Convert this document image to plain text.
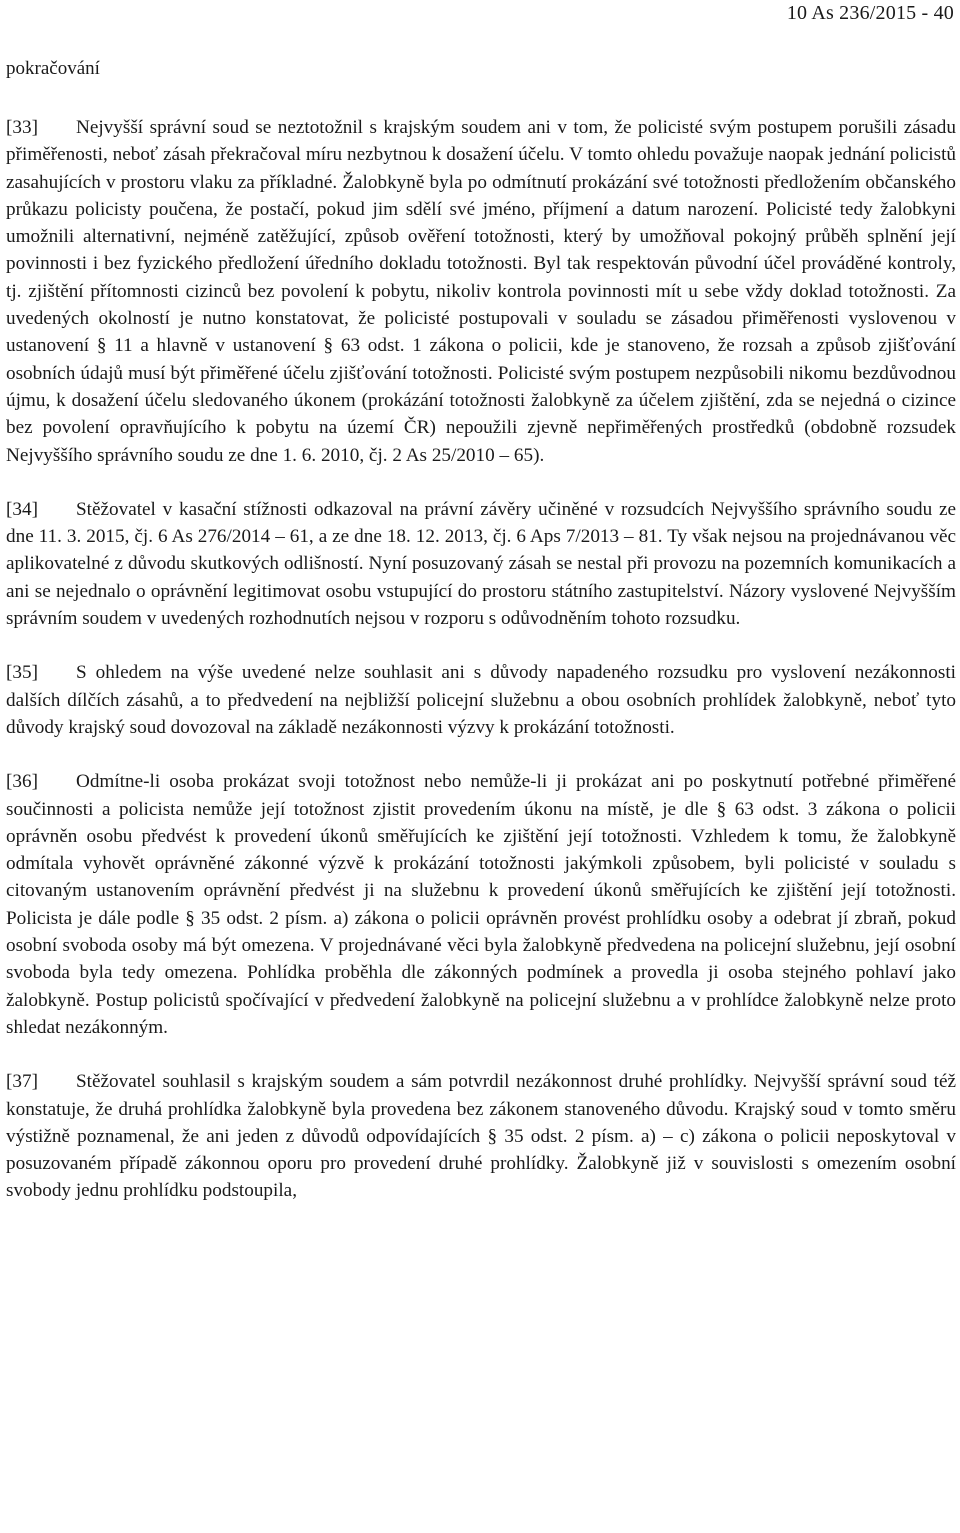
10 As 236/2015 - 40
pokračování

[33] Nejvyšší správní soud se neztotožnil s krajským soudem ani v tom, že policisté svým postupem porušili zásadu přiměřenosti, neboť zásah překračoval míru nezbytnou k dosažení účelu. V tomto ohledu považuje naopak jednání policistů zasahujících v prostoru vlaku za příkladné. Žalobkyně byla po odmítnutí prokázání své totožnosti předložením občanského průkazu policisty poučena, že postačí, pokud jim sdělí své jméno, příjmení a datum narození. Policisté tedy žalobkyni umožnili alternativní, nejméně zatěžující, způsob ověření totožnosti, který by umožňoval pokojný průběh splnění její povinnosti i bez fyzického předložení úředního dokladu totožnosti. Byl tak respektován původní účel prováděné kontroly, tj. zjištění přítomnosti cizinců bez povolení k pobytu, nikoliv kontrola povinnosti mít u sebe vždy doklad totožnosti. Za uvedených okolností je nutno konstatovat, že policisté postupovali v souladu se zásadou přiměřenosti vyslovenou v ustanovení § 11 a hlavně v ustanovení § 63 odst. 1 zákona o policii, kde je stanoveno, že rozsah a způsob zjišťování osobních údajů musí být přiměřené účelu zjišťování totožnosti. Policisté svým postupem nezpůsobili nikomu bezdůvodnou újmu, k dosažení účelu sledovaného úkonem (prokázání totožnosti žalobkyně za účelem zjištění, zda se nejedná o cizince bez povolení opravňujícího k pobytu na území ČR) nepoužili zjevně nepřiměřených prostředků (obdobně rozsudek Nejvyššího správního soudu ze dne 1. 6. 2010, čj. 2 As 25/2010 – 65).

[34] Stěžovatel v kasační stížnosti odkazoval na právní závěry učiněné v rozsudcích Nejvyššího správního soudu ze dne 11. 3. 2015, čj. 6 As 276/2014 – 61, a ze dne 18. 12. 2013, čj. 6 Aps 7/2013 – 81. Ty však nejsou na projednávanou věc aplikovatelné z důvodu skutkových odlišností. Nyní posuzovaný zásah se nestal při provozu na pozemních komunikacích a ani se nejednalo o oprávnění legitimovat osobu vstupující do prostoru státního zastupitelství. Názory vyslovené Nejvyšším správním soudem v uvedených rozhodnutích nejsou v rozporu s odůvodněním tohoto rozsudku.

[35] S ohledem na výše uvedené nelze souhlasit ani s důvody napadeného rozsudku pro vyslovení nezákonnosti dalších dílčích zásahů, a to předvedení na nejbližší policejní služebnu a obou osobních prohlídek žalobkyně, neboť tyto důvody krajský soud dovozoval na základě nezákonnosti výzvy k prokázání totožnosti.

[36] Odmítne-li osoba prokázat svoji totožnost nebo nemůže-li ji prokázat ani po poskytnutí potřebné přiměřené součinnosti a policista nemůže její totožnost zjistit provedením úkonu na místě, je dle § 63 odst. 3 zákona o policii oprávněn osobu předvést k provedení úkonů směřujících ke zjištění její totožnosti. Vzhledem k tomu, že žalobkyně odmítala vyhovět oprávněné zákonné výzvě k prokázání totožnosti jakýmkoli způsobem, byli policisté v souladu s citovaným ustanovením oprávnění předvést ji na služebnu k provedení úkonů směřujících ke zjištění její totožnosti. Policista je dále podle § 35 odst. 2 písm. a) zákona o policii oprávněn provést prohlídku osoby a odebrat jí zbraň, pokud osobní svoboda osoby má být omezena. V projednávané věci byla žalobkyně předvedena na policejní služebnu, její osobní svoboda byla tedy omezena. Pohlídka proběhla dle zákonných podmínek a provedla ji osoba stejného pohlaví jako žalobkyně. Postup policistů spočívající v předvedení žalobkyně na policejní služebnu a v prohlídce žalobkyně nelze proto shledat nezákonným.

[37] Stěžovatel souhlasil s krajským soudem a sám potvrdil nezákonnost druhé prohlídky. Nejvyšší správní soud též konstatuje, že druhá prohlídka žalobkyně byla provedena bez zákonem stanoveného důvodu. Krajský soud v tomto směru výstižně poznamenal, že ani jeden z důvodů odpovídajících § 35 odst. 2 písm. a) – c) zákona o policii neposkytoval v posuzovaném případě zákonnou oporu pro provedení druhé prohlídky. Žalobkyně již v souvislosti s omezením osobní svobody jednu prohlídku podstoupila,
